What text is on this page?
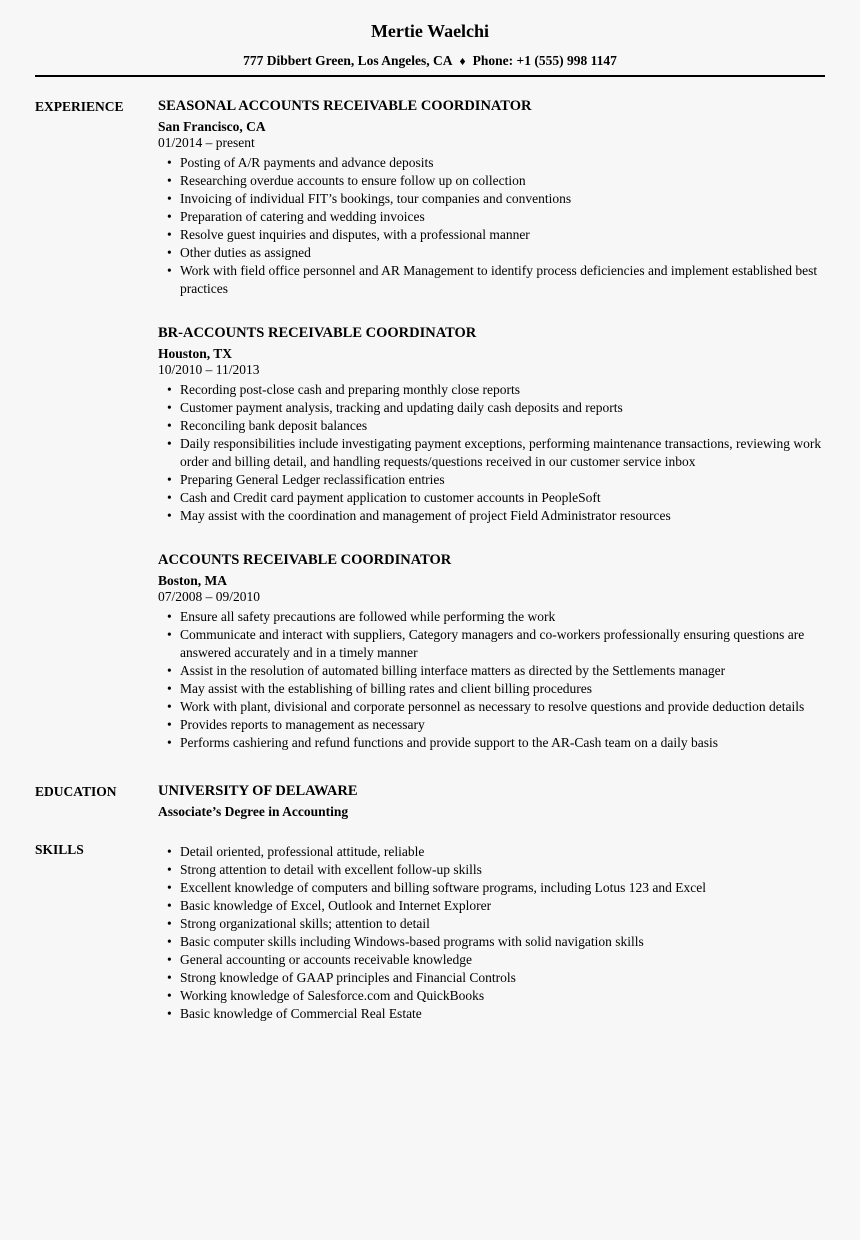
Mertie Waelchi
777 Dibbert Green, Los Angeles, CA ♦ Phone: +1 (555) 998 1147
EXPERIENCE	SEASONAL ACCOUNTS RECEIVABLE COORDINATOR
San Francisco, CA
01/2014 – present
• Posting of A/R payments and advance deposits
• Researching overdue accounts to ensure follow up on collection
• Invoicing of individual FIT’s bookings, tour companies and conventions
• Preparation of catering and wedding invoices
• Resolve guest inquiries and disputes, with a professional manner
• Other duties as assigned
• Work with field office personnel and AR Management to identify process deficiencies and implement established best practices
BR-ACCOUNTS RECEIVABLE COORDINATOR
Houston, TX
10/2010 – 11/2013
• Recording post-close cash and preparing monthly close reports
• Customer payment analysis, tracking and updating daily cash deposits and reports
• Reconciling bank deposit balances
• Daily responsibilities include investigating payment exceptions, performing maintenance transactions, reviewing work order and billing detail, and handling requests/questions received in our customer service inbox
• Preparing General Ledger reclassification entries
• Cash and Credit card payment application to customer accounts in PeopleSoft
• May assist with the coordination and management of project Field Administrator resources
ACCOUNTS RECEIVABLE COORDINATOR
Boston, MA
07/2008 – 09/2010
• Ensure all safety precautions are followed while performing the work
• Communicate and interact with suppliers, Category managers and co-workers professionally ensuring questions are answered accurately and in a timely manner
• Assist in the resolution of automated billing interface matters as directed by the Settlements manager
• May assist with the establishing of billing rates and client billing procedures
• Work with plant, divisional and corporate personnel as necessary to resolve questions and provide deduction details
• Provides reports to management as necessary
• Performs cashiering and refund functions and provide support to the AR-Cash team on a daily basis
EDUCATION	UNIVERSITY OF DELAWARE
Associate’s Degree in Accounting
SKILLS	• Detail oriented, professional attitude, reliable
• Strong attention to detail with excellent follow-up skills
• Excellent knowledge of computers and billing software programs, including Lotus 123 and Excel
• Basic knowledge of Excel, Outlook and Internet Explorer
• Strong organizational skills; attention to detail
• Basic computer skills including Windows-based programs with solid navigation skills
• General accounting or accounts receivable knowledge
• Strong knowledge of GAAP principles and Financial Controls
• Working knowledge of Salesforce.com and QuickBooks
• Basic knowledge of Commercial Real Estate
